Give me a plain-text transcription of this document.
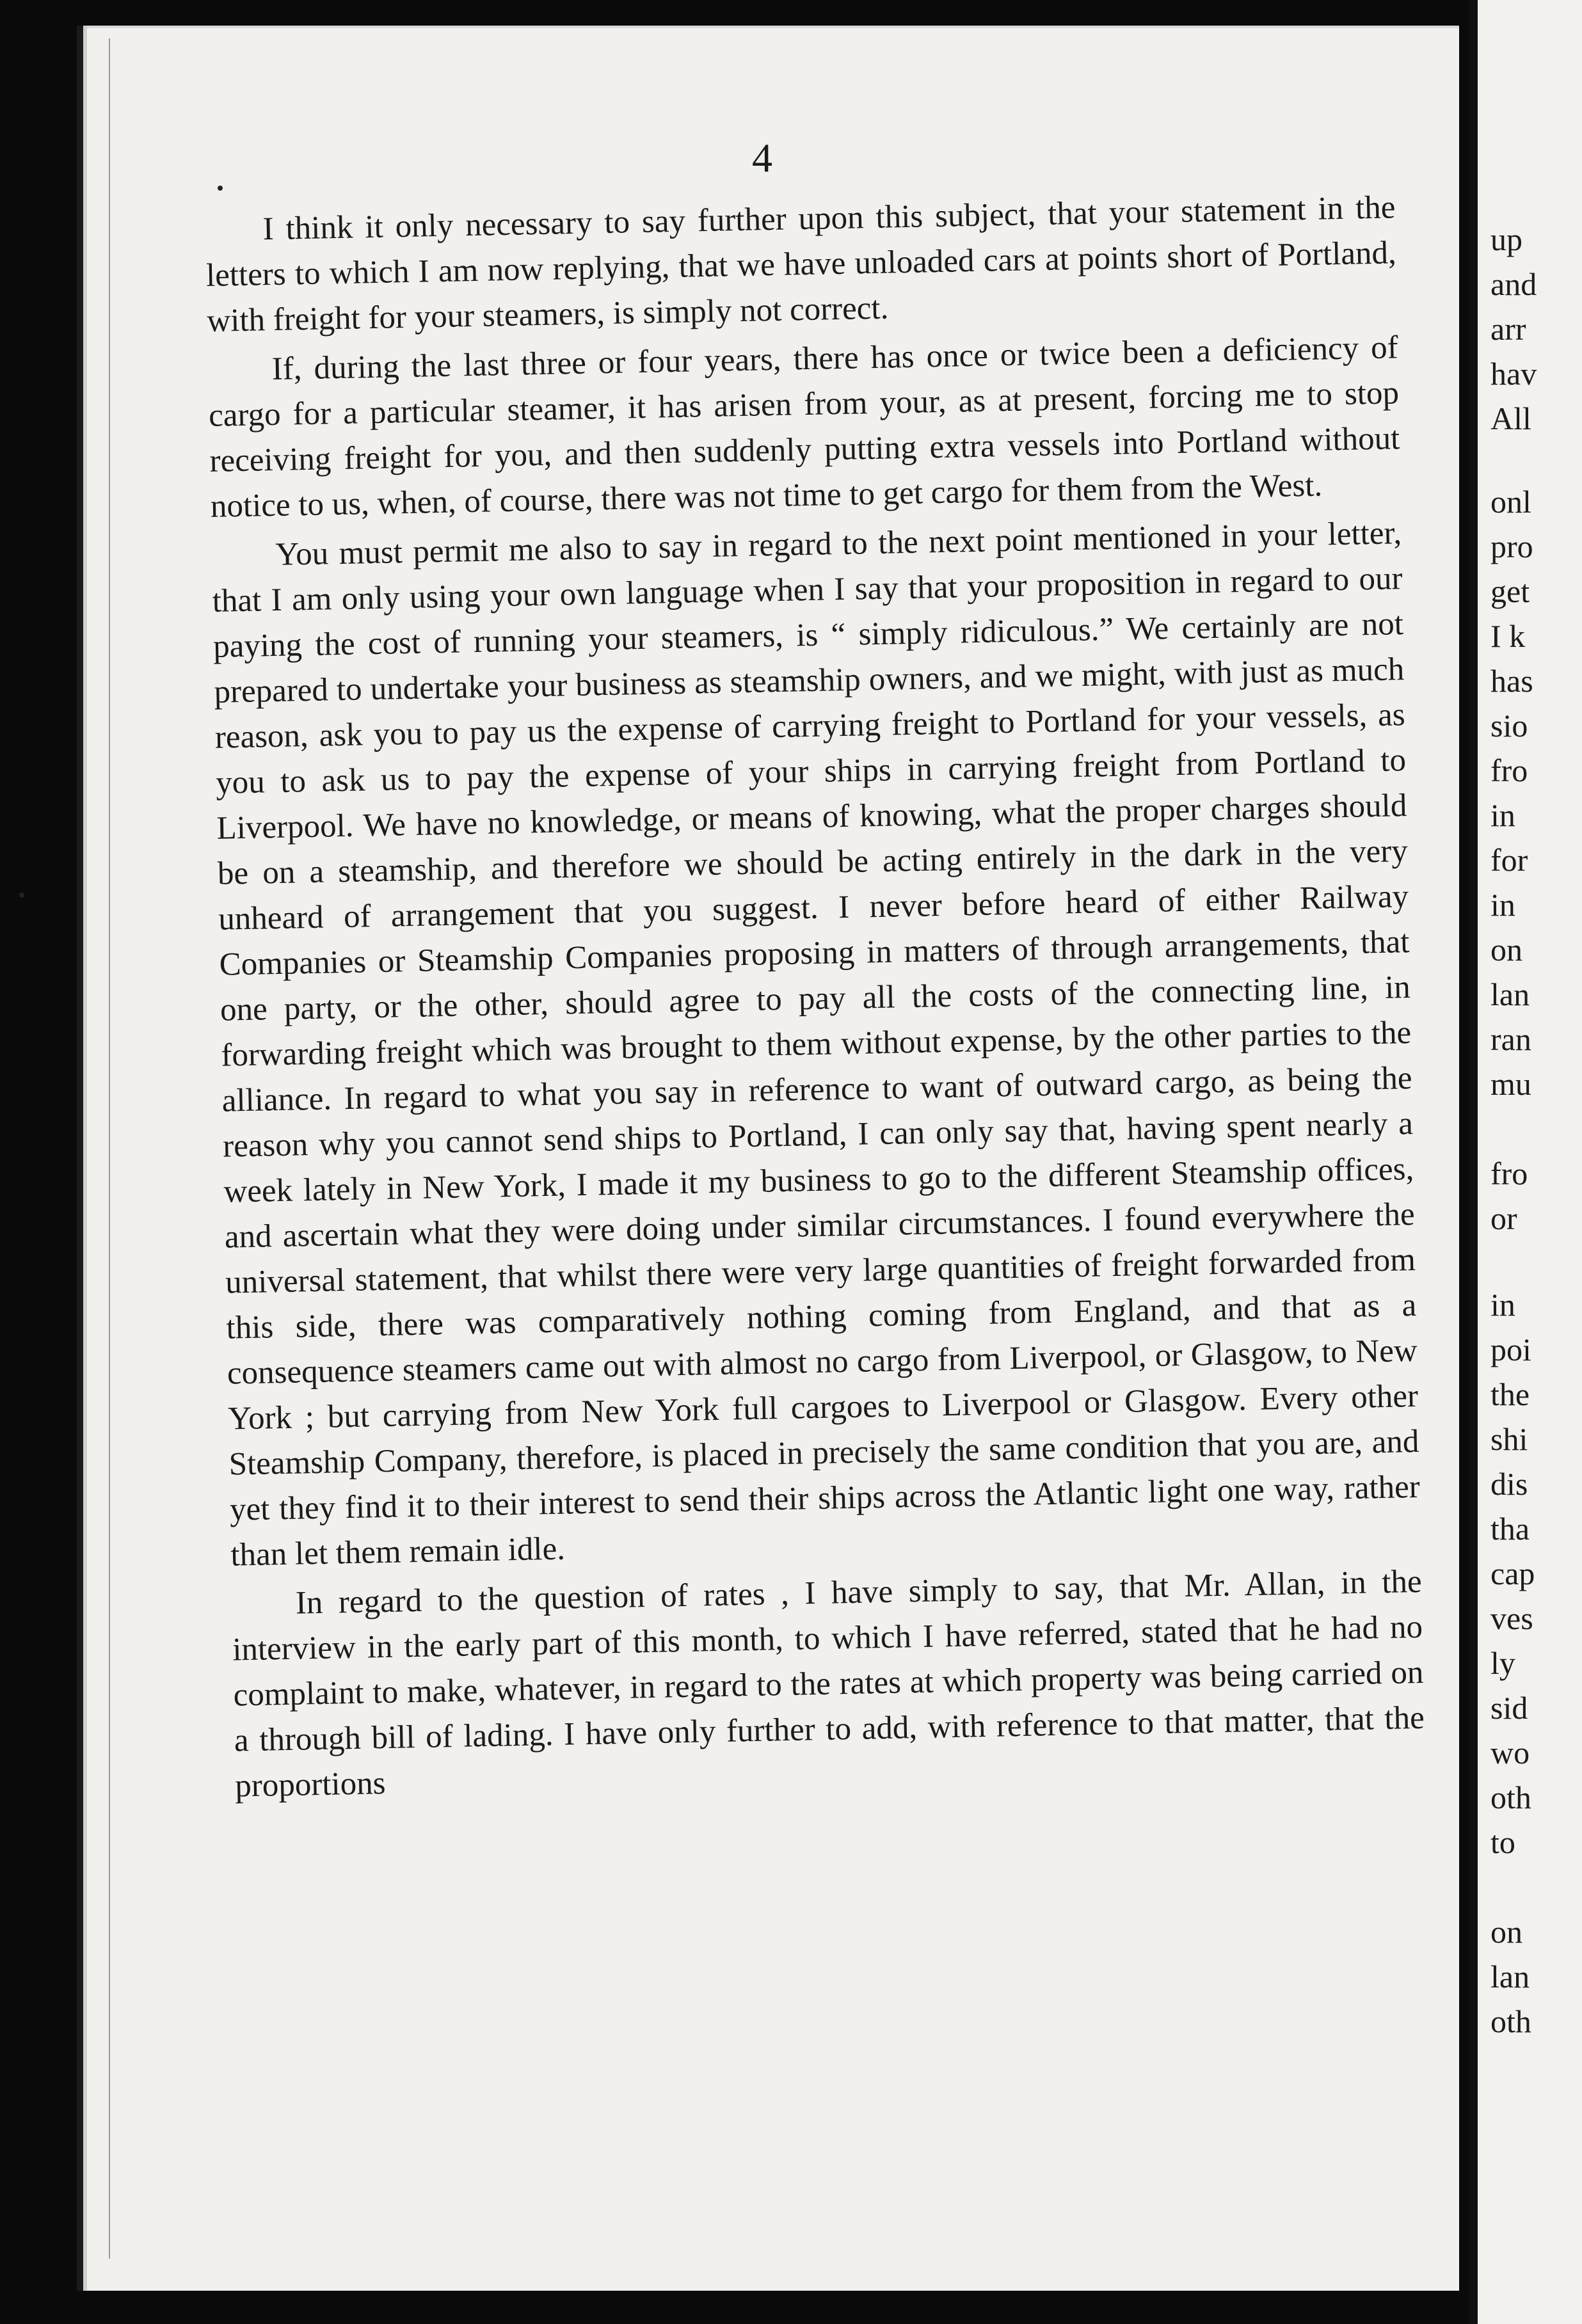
4

I think it only necessary to say further upon this subject, that your statement in the letters to which I am now replying, that we have unloaded cars at points short of Portland, with freight for your steamers, is simply not correct.

If, during the last three or four years, there has once or twice been a deficiency of cargo for a particular steamer, it has arisen from your, as at present, forcing me to stop receiving freight for you, and then suddenly putting extra vessels into Portland without notice to us, when, of course, there was not time to get cargo for them from the West.

You must permit me also to say in regard to the next point mentioned in your letter, that I am only using your own language when I say that your proposition in regard to our paying the cost of running your steamers, is “ simply ridiculous.” We certainly are not prepared to undertake your business as steamship owners, and we might, with just as much reason, ask you to pay us the expense of carrying freight to Portland for your vessels, as you to ask us to pay the expense of your ships in carrying freight from Portland to Liverpool. We have no knowledge, or means of knowing, what the proper charges should be on a steamship, and therefore we should be acting entirely in the dark in the very unheard of arrangement that you suggest. I never before heard of either Railway Companies or Steamship Companies proposing in matters of through arrangements, that one party, or the other, should agree to pay all the costs of the connecting line, in forwarding freight which was brought to them without expense, by the other parties to the alliance. In regard to what you say in reference to want of outward cargo, as being the reason why you cannot send ships to Portland, I can only say that, having spent nearly a week lately in New York, I made it my business to go to the different Steamship offices, and ascertain what they were doing under similar circumstances. I found everywhere the universal statement, that whilst there were very large quantities of freight forwarded from this side, there was comparatively nothing coming from England, and that as a consequence steamers came out with almost no cargo from Liverpool, or Glasgow, to New York ; but carrying from New York full cargoes to Liverpool or Glasgow. Every other Steamship Company, therefore, is placed in precisely the same condition that you are, and yet they find it to their interest to send their ships across the Atlantic light one way, rather than let them remain idle.

In regard to the question of rates , I have simply to say, that Mr. Allan, in the interview in the early part of this month, to which I have referred, stated that he had no complaint to make, whatever, in regard to the rates at which property was being carried on a through bill of lading. I have only further to add, with reference to that matter, that the proportions

up
and
arr
hav
All
onl
pro
get
I k
has
sio
fro
in
for
in
on
lan
ran
mu
fro
or
in
poi
the
shi
dis
tha
cap
ves
ly
sid
wo
oth
to
on
lan
oth
